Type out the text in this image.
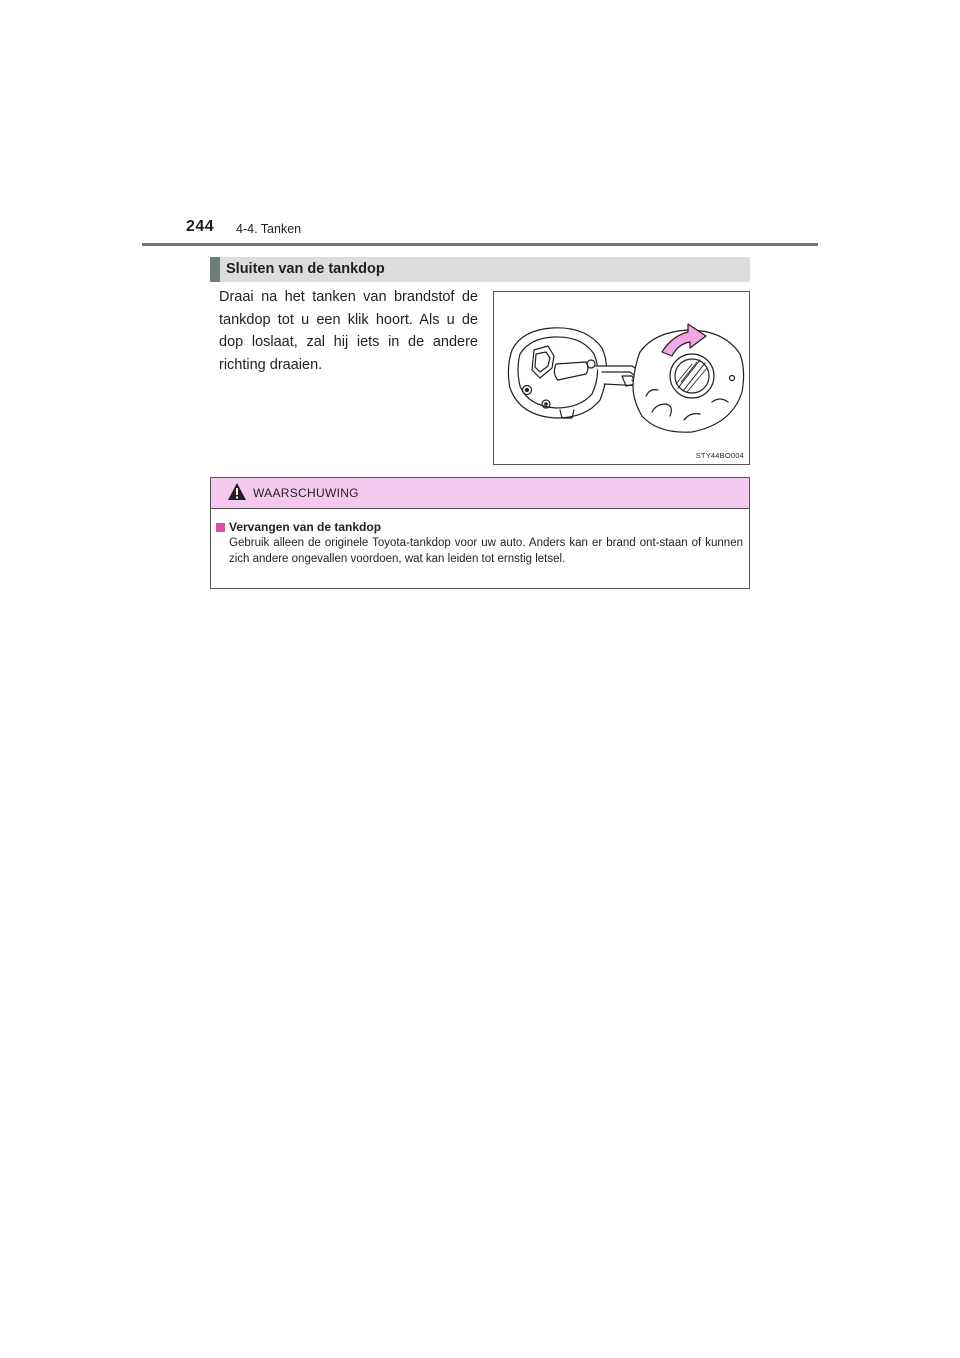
244 4-4. Tanken
Sluiten van de tankdop
Draai na het tanken van brandstof de tankdop tot u een klik hoort. Als u de dop loslaat, zal hij iets in de andere richting draaien.
STY44BO004
WAARSCHUWING
Vervangen van de tankdop
Gebruik alleen de originele Toyota-tankdop voor uw auto. Anders kan er brand ont-staan of kunnen zich andere ongevallen voordoen, wat kan leiden tot ernstig letsel.
